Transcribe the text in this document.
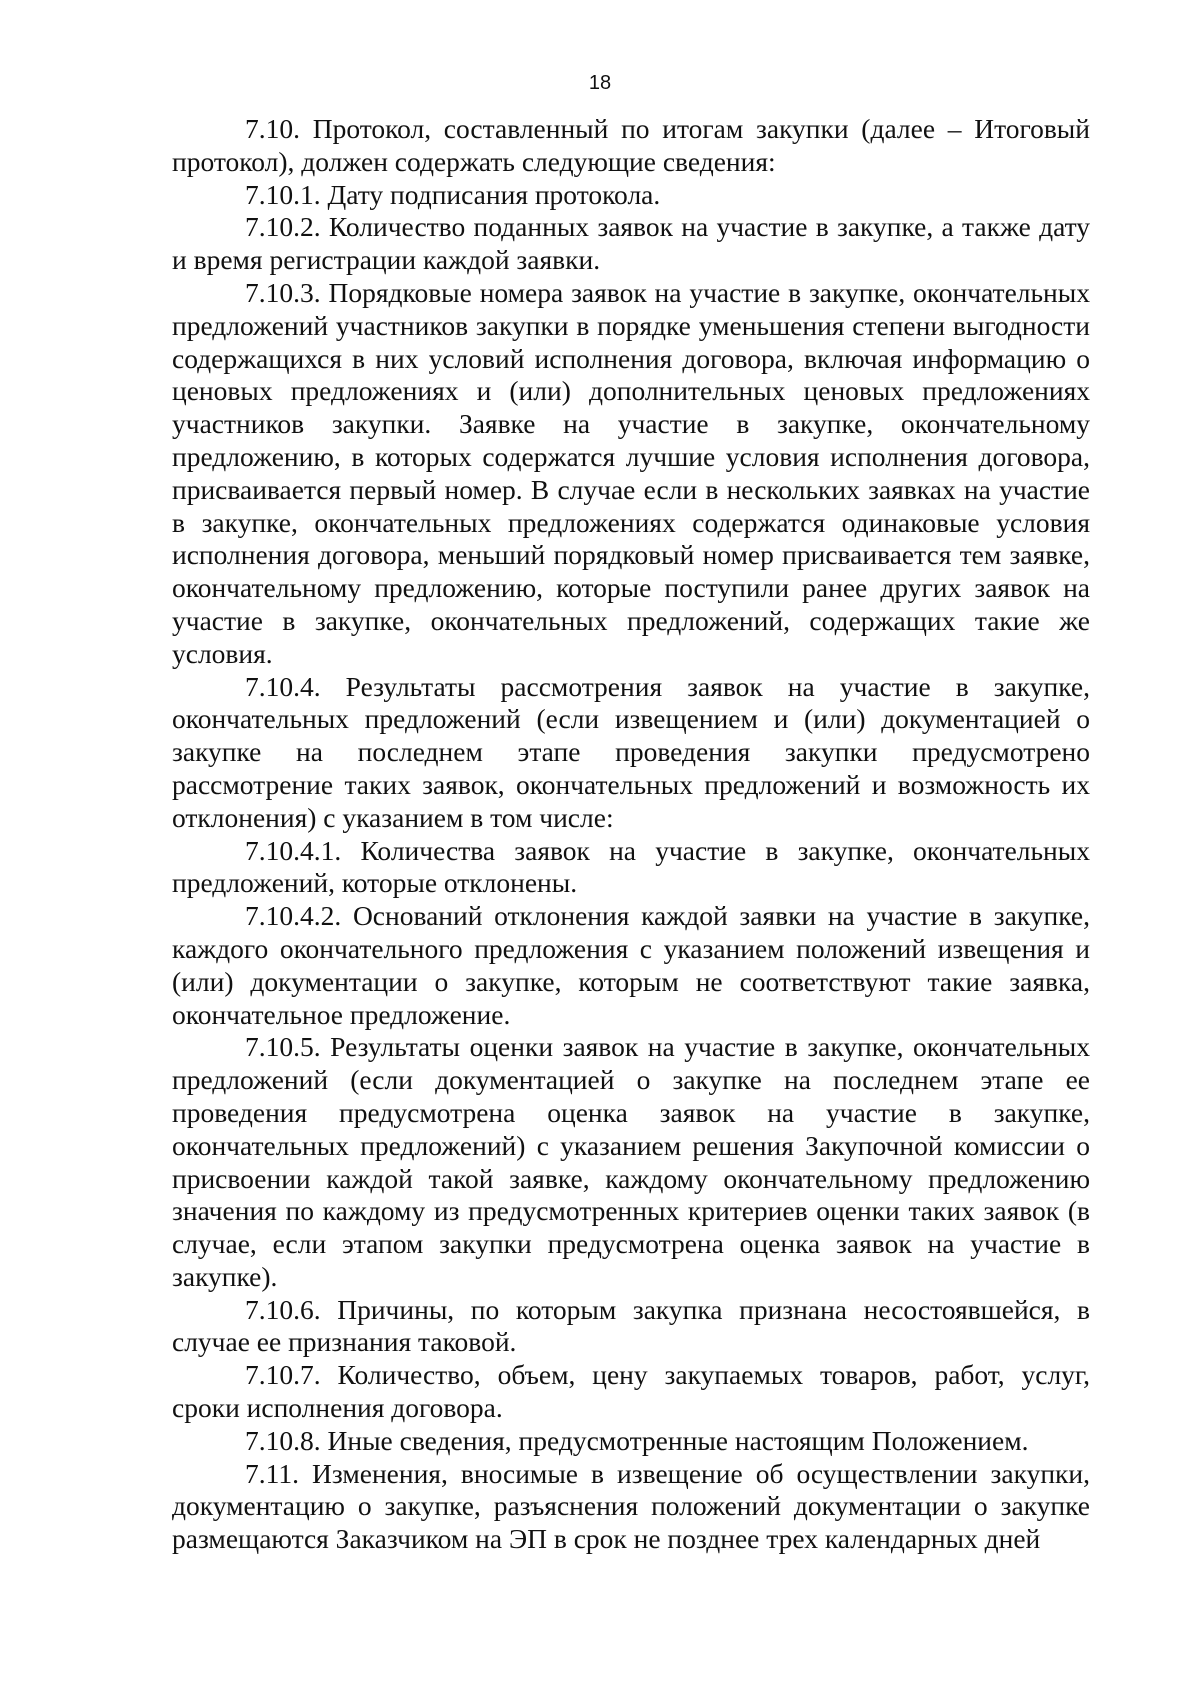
18

7.10. Протокол, составленный по итогам закупки (далее – Итоговый протокол), должен содержать следующие сведения:

7.10.1. Дату подписания протокола.

7.10.2. Количество поданных заявок на участие в закупке, а также дату и время регистрации каждой заявки.

7.10.3. Порядковые номера заявок на участие в закупке, окончательных предложений участников закупки в порядке уменьшения степени выгодности содержащихся в них условий исполнения договора, включая информацию о ценовых предложениях и (или) дополнительных ценовых предложениях участников закупки. Заявке на участие в закупке, окончательному предложению, в которых содержатся лучшие условия исполнения договора, присваивается первый номер. В случае если в нескольких заявках на участие в закупке, окончательных предложениях содержатся одинаковые условия исполнения договора, меньший порядковый номер присваивается тем заявке, окончательному предложению, которые поступили ранее других заявок на участие в закупке, окончательных предложений, содержащих такие же условия.

7.10.4. Результаты рассмотрения заявок на участие в закупке, окончательных предложений (если извещением и (или) документацией о закупке на последнем этапе проведения закупки предусмотрено рассмотрение таких заявок, окончательных предложений и возможность их отклонения) с указанием в том числе:

7.10.4.1. Количества заявок на участие в закупке, окончательных предложений, которые отклонены.

7.10.4.2. Оснований отклонения каждой заявки на участие в закупке, каждого окончательного предложения с указанием положений извещения и (или) документации о закупке, которым не соответствуют такие заявка, окончательное предложение.

7.10.5. Результаты оценки заявок на участие в закупке, окончательных предложений (если документацией о закупке на последнем этапе ее проведения предусмотрена оценка заявок на участие в закупке, окончательных предложений) с указанием решения Закупочной комиссии о присвоении каждой такой заявке, каждому окончательному предложению значения по каждому из предусмотренных критериев оценки таких заявок (в случае, если этапом закупки предусмотрена оценка заявок на участие в закупке).

7.10.6. Причины, по которым закупка признана несостоявшейся, в случае ее признания таковой.

7.10.7. Количество, объем, цену закупаемых товаров, работ, услуг, сроки исполнения договора.

7.10.8. Иные сведения, предусмотренные настоящим Положением.

7.11. Изменения, вносимые в извещение об осуществлении закупки, документацию о закупке, разъяснения положений документации о закупке размещаются Заказчиком на ЭП в срок не позднее трех календарных дней
